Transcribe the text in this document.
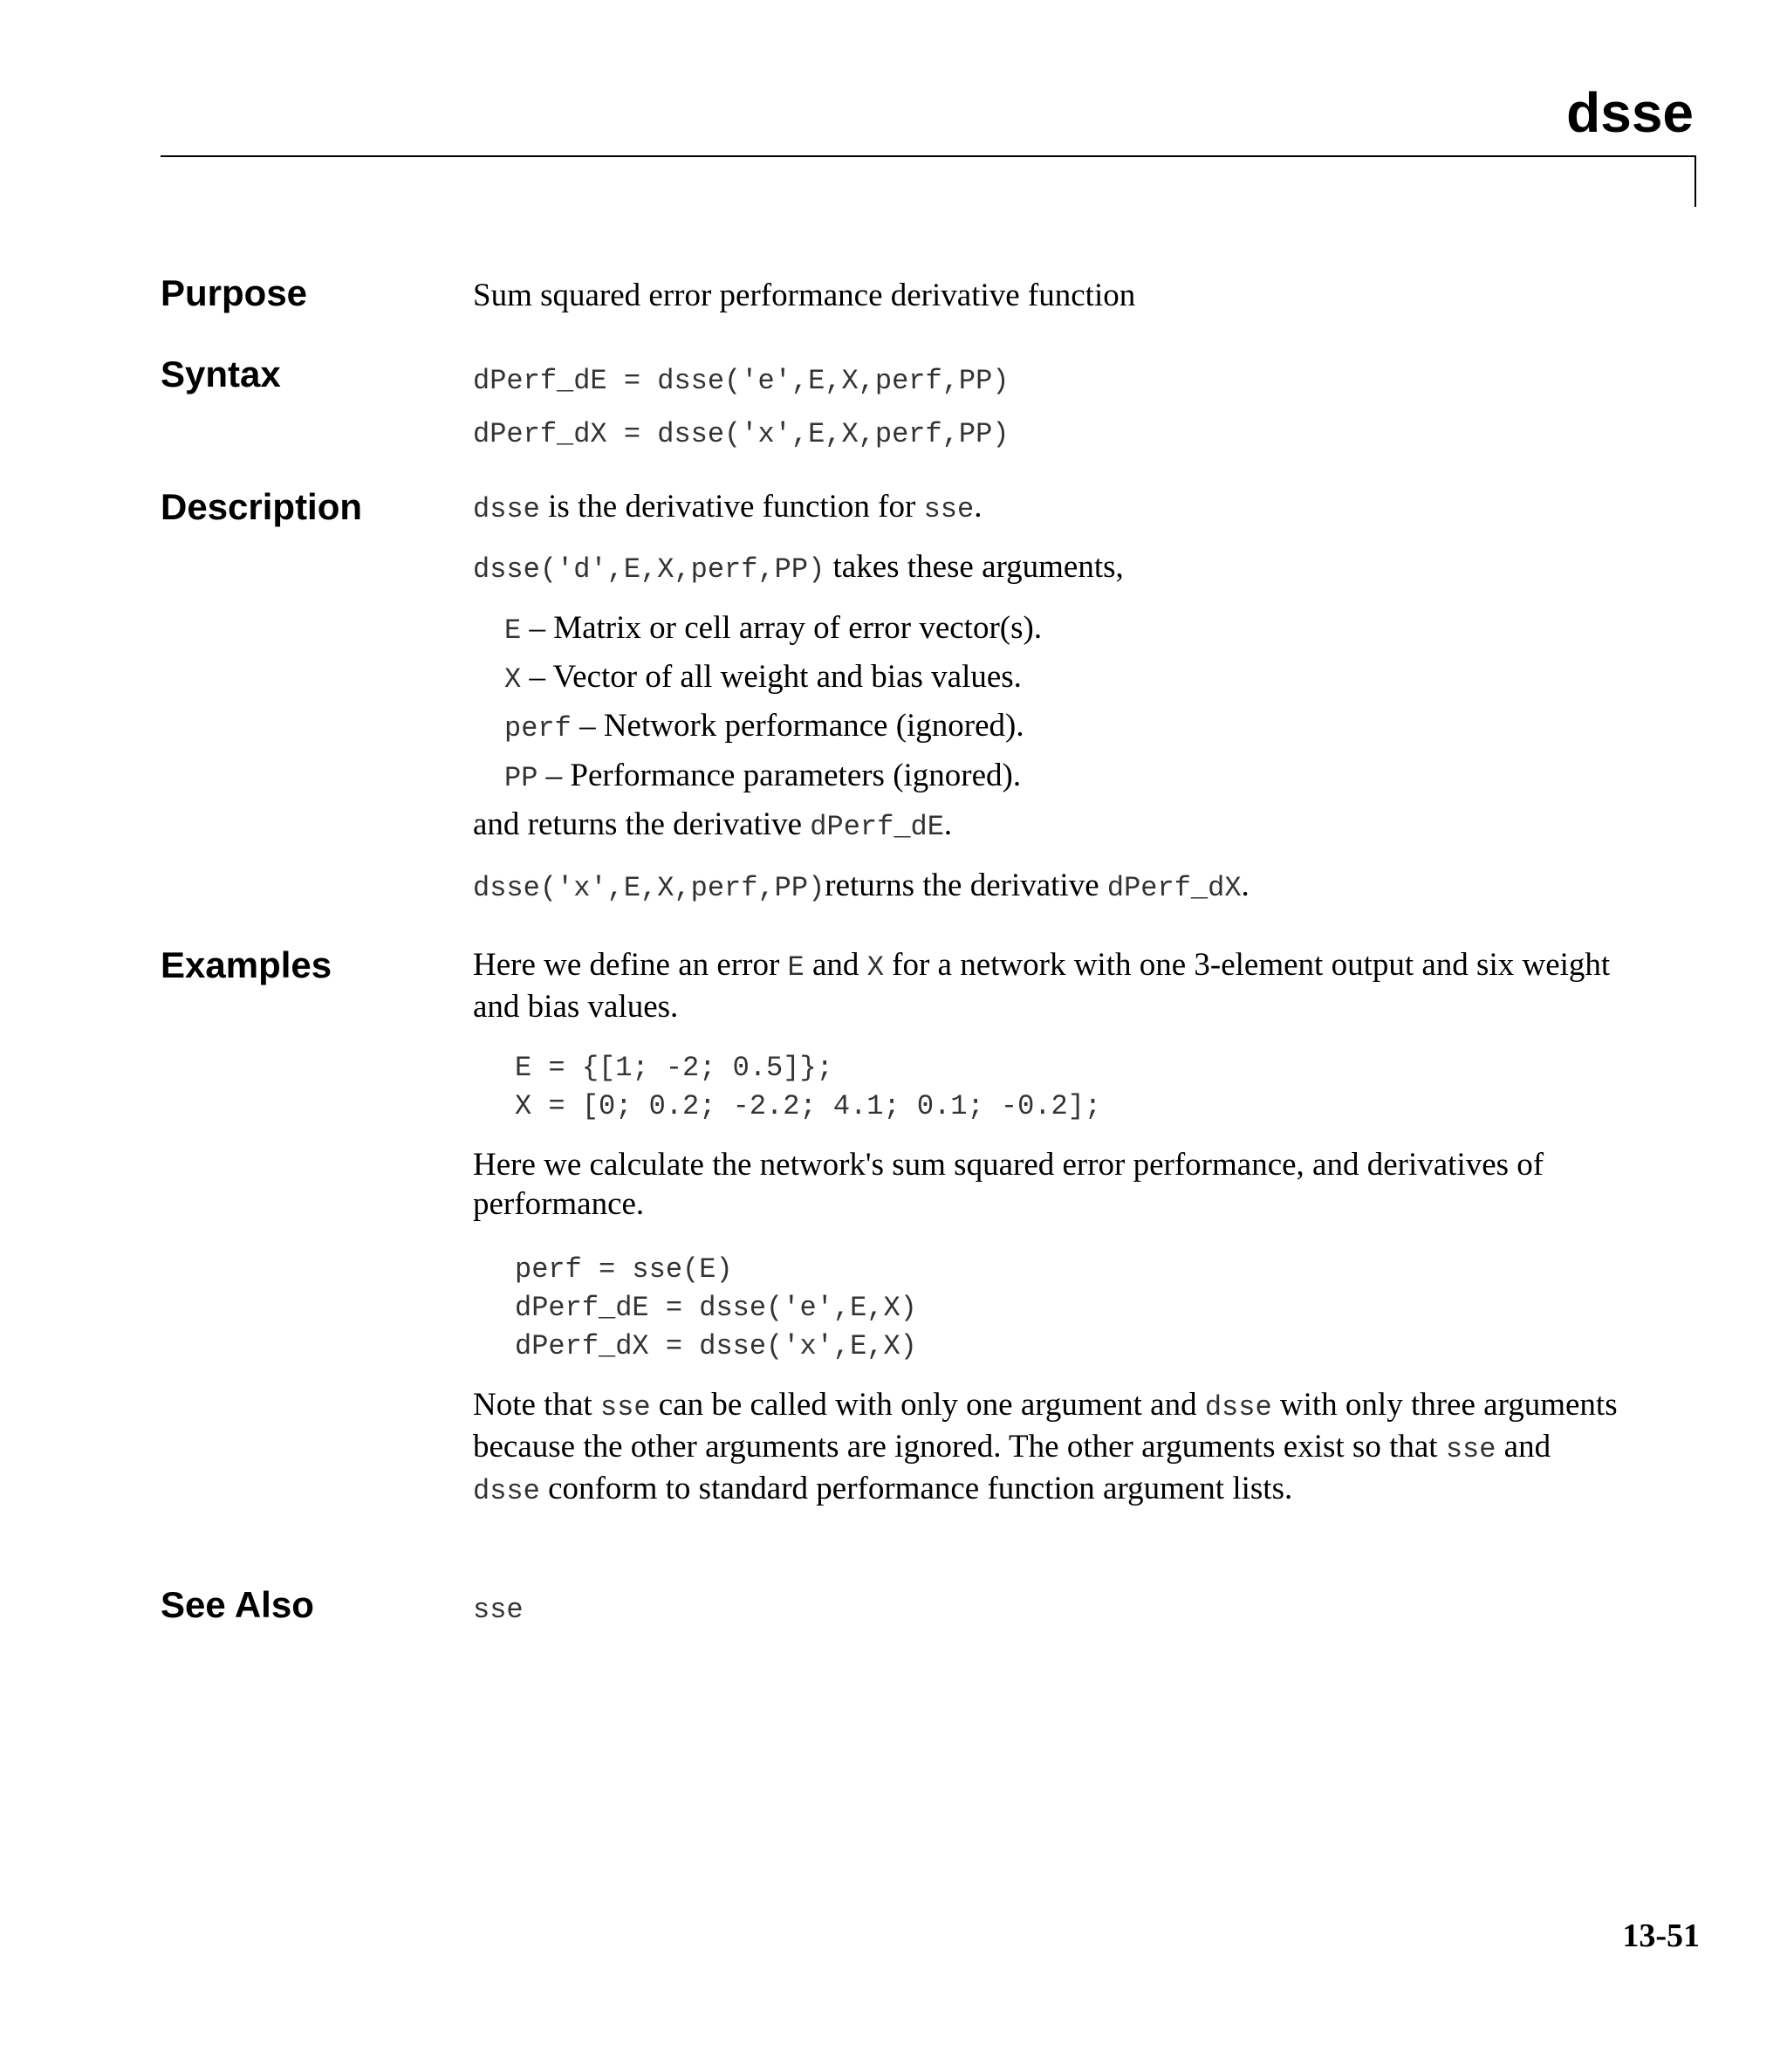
dsse
Purpose	Sum squared error performance derivative function
Syntax	dPerf_dE = dsse('e',E,X,perf,PP)
dPerf_dX = dsse('x',E,X,perf,PP)
Description	dsse is the derivative function for sse.
dsse('d',E,X,perf,PP) takes these arguments,
E – Matrix or cell array of error vector(s).
X – Vector of all weight and bias values.
perf – Network performance (ignored).
PP – Performance parameters (ignored).
and returns the derivative dPerf_dE.
dsse('x',E,X,perf,PP)returns the derivative dPerf_dX.
Examples	Here we define an error E and X for a network with one 3-element output and six weight and bias values.
E = {[1; -2; 0.5]};
X = [0; 0.2; -2.2; 4.1; 0.1; -0.2];
Here we calculate the network's sum squared error performance, and derivatives of performance.
perf = sse(E)
dPerf_dE = dsse('e',E,X)
dPerf_dX = dsse('x',E,X)
Note that sse can be called with only one argument and dsse with only three arguments because the other arguments are ignored. The other arguments exist so that sse and dsse conform to standard performance function argument lists.
See Also	sse
13-51
